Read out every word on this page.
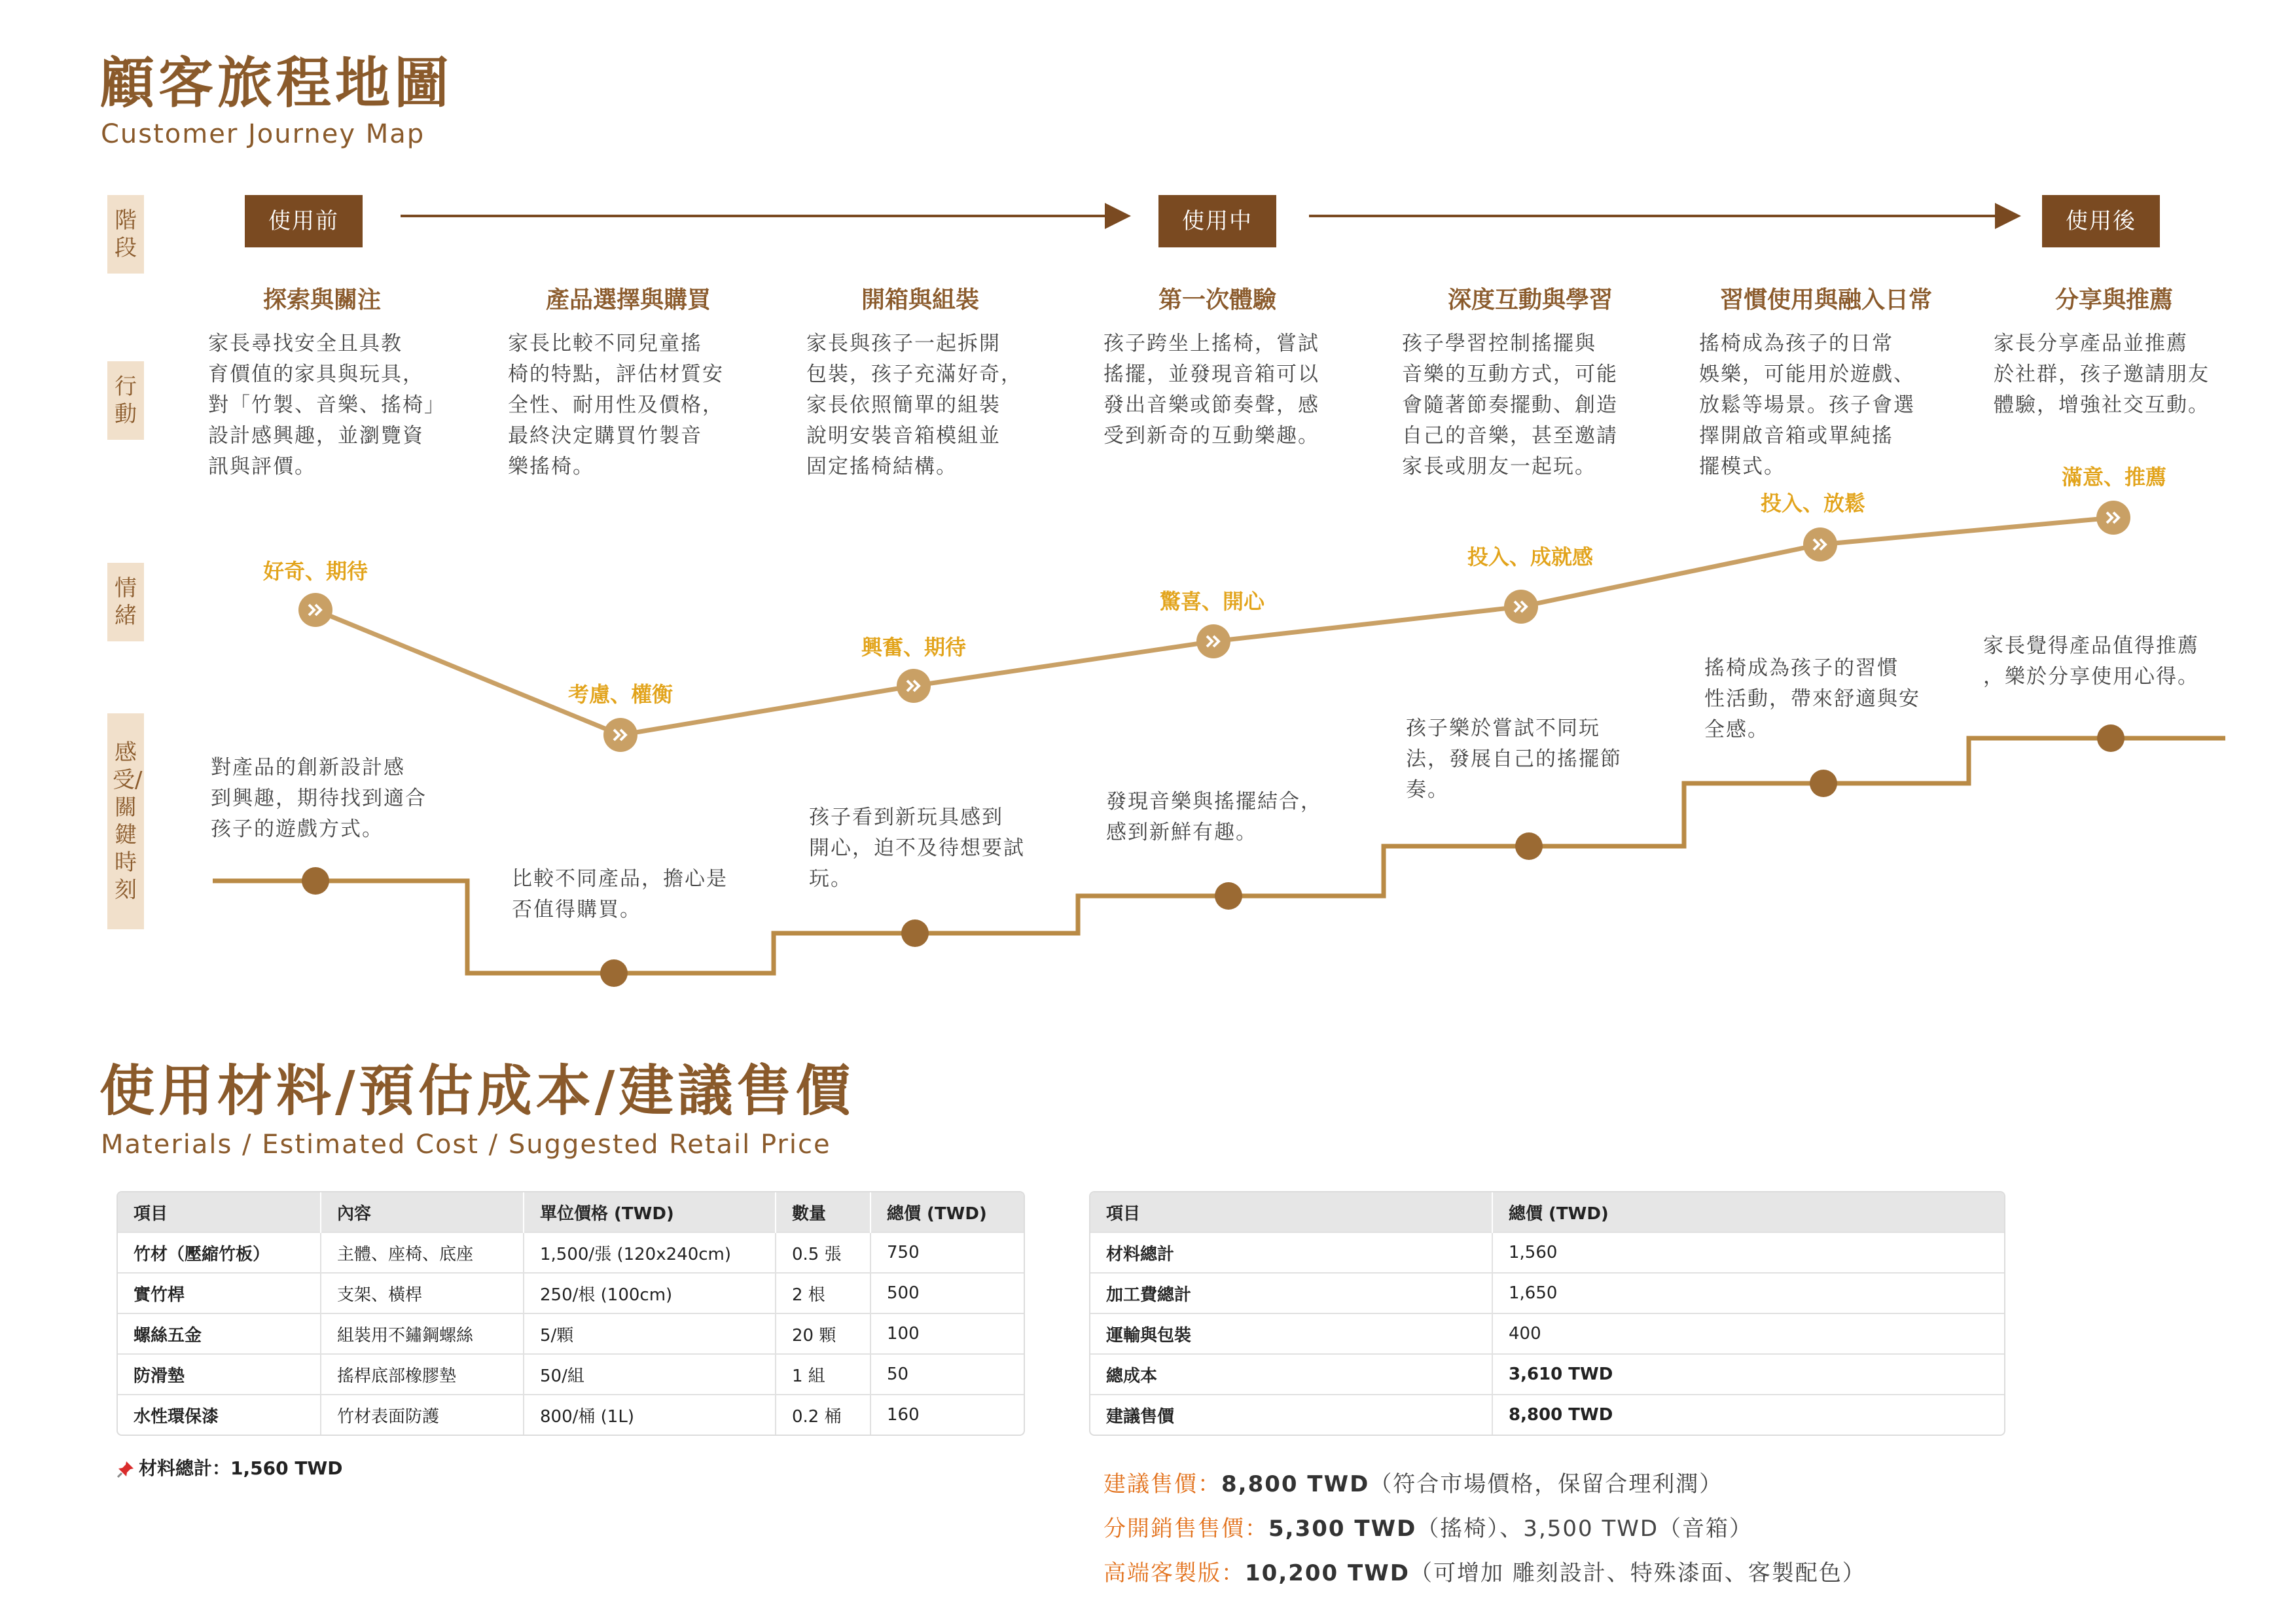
顧客旅程地圖
Customer Journey Map
階段
行動
情緒
感受/關鍵時刻
使用前	使用中	使用後
探索與關注
家長尋找安全且具教
育價值的家具與玩具，
對「竹製、音樂、搖椅」
設計感興趣，並瀏覽資
訊與評價。
好奇、期待
對產品的創新設計感
到興趣，期待找到適合
孩子的遊戲方式。
產品選擇與購買
家長比較不同兒童搖
椅的特點，評估材質安
全性、耐用性及價格，
最終決定購買竹製音
樂搖椅。
考慮、權衡
比較不同產品，擔心是
否值得購買。
開箱與組裝
家長與孩子一起拆開
包裝，孩子充滿好奇，
家長依照簡單的組裝
說明安裝音箱模組並
固定搖椅結構。
興奮、期待
孩子看到新玩具感到
開心，迫不及待想要試
玩。
第一次體驗
孩子跨坐上搖椅，嘗試
搖擺，並發現音箱可以
發出音樂或節奏聲，感
受到新奇的互動樂趣。
驚喜、開心
發現音樂與搖擺結合，
感到新鮮有趣。
深度互動與學習
孩子學習控制搖擺與
音樂的互動方式，可能
會隨著節奏擺動、創造
自己的音樂，甚至邀請
家長或朋友一起玩。
投入、成就感
孩子樂於嘗試不同玩
法，發展自己的搖擺節
奏。
習慣使用與融入日常
搖椅成為孩子的日常
娛樂，可能用於遊戲、
放鬆等場景。孩子會選
擇開啟音箱或單純搖
擺模式。
投入、放鬆
搖椅成為孩子的習慣
性活動，帶來舒適與安
全感。
分享與推薦
家長分享產品並推薦
於社群，孩子邀請朋友
體驗，增強社交互動。
滿意、推薦
家長覺得產品值得推薦
，樂於分享使用心得。
使用材料/預估成本/建議售價
Materials / Estimated Cost / Suggested Retail Price
項目	內容	單位價格 (TWD)	數量	總價 (TWD)
竹材（壓縮竹板）	主體、座椅、底座	1,500/張 (120x240cm)	0.5 張	750
實竹桿	支架、橫桿	250/根 (100cm)	2 根	500
螺絲五金	組裝用不鏽鋼螺絲	5/顆	20 顆	100
防滑墊	搖桿底部橡膠墊	50/組	1 組	50
水性環保漆	竹材表面防護	800/桶 (1L)	0.2 桶	160
材料總計：1,560 TWD
項目	總價 (TWD)
材料總計	1,560
加工費總計	1,650
運輸與包裝	400
總成本	3,610 TWD
建議售價	8,800 TWD
建議售價：8,800 TWD（符合市場價格，保留合理利潤）
分開銷售售價：5,300 TWD（搖椅）、3,500 TWD（音箱）
高端客製版：10,200 TWD（可增加 雕刻設計、特殊漆面、客製配色）
